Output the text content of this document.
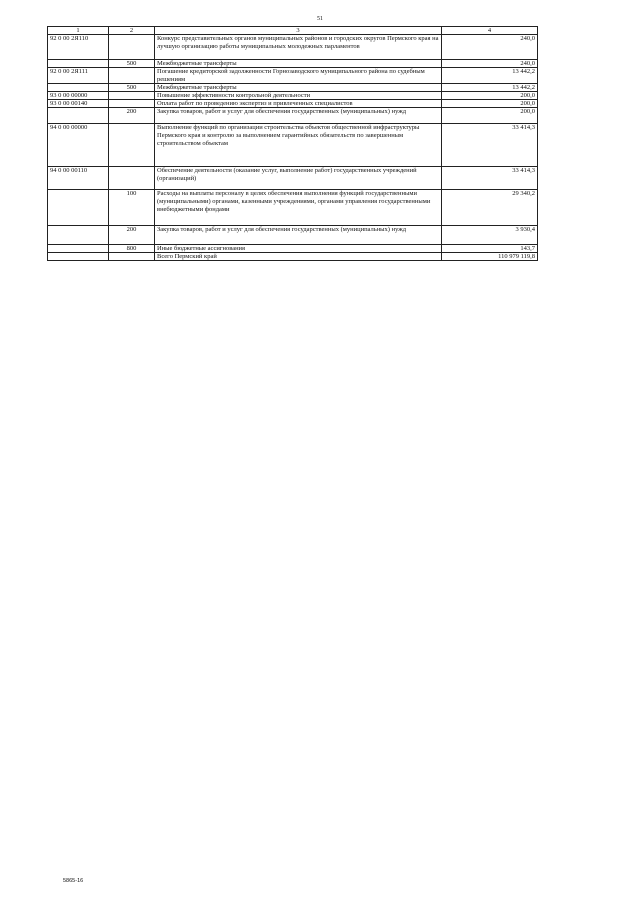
51
1	2	3	4
92 0 00 2Я110		Конкурс представительных органов муниципальных районов и городских округов Пермского края на лучшую организацию работы муниципальных молодежных парламентов	240,0
	500	Межбюджетные трансферты	240,0
92 0 00 2Я111		Погашение кредиторской задолженности Горнозаводского муниципального района по судебным решениям	13 442,2
	500	Межбюджетные трансферты	13 442,2
93 0 00 00000		Повышение эффективности контрольной деятельности	200,0
93 0 00 00140		Оплата работ по проведению экспертиз и привлеченных специалистов	200,0
	200	Закупка товаров, работ и услуг для обеспечения государственных (муниципальных) нужд	200,0
94 0 00 00000		Выполнение функций по организации строительства объектов общественной инфраструктуры Пермского края и контролю за выполнением гарантийных обязательств по завершенным строительством объектам	33 414,3
94 0 00 00110		Обеспечение деятельности (оказание услуг, выполнение работ) государственных учреждений (организаций)	33 414,3
	100	Расходы на выплаты персоналу в целях обеспечения выполнения функций государственными (муниципальными) органами, казенными учреждениями, органами управления государственными внебюджетными фондами	29 340,2
	200	Закупка товаров, работ и услуг для обеспечения государственных (муниципальных) нужд	3 930,4
	800	Иные бюджетные ассигнования	143,7
		Всего Пермский край	110 979 119,8
5865-16
